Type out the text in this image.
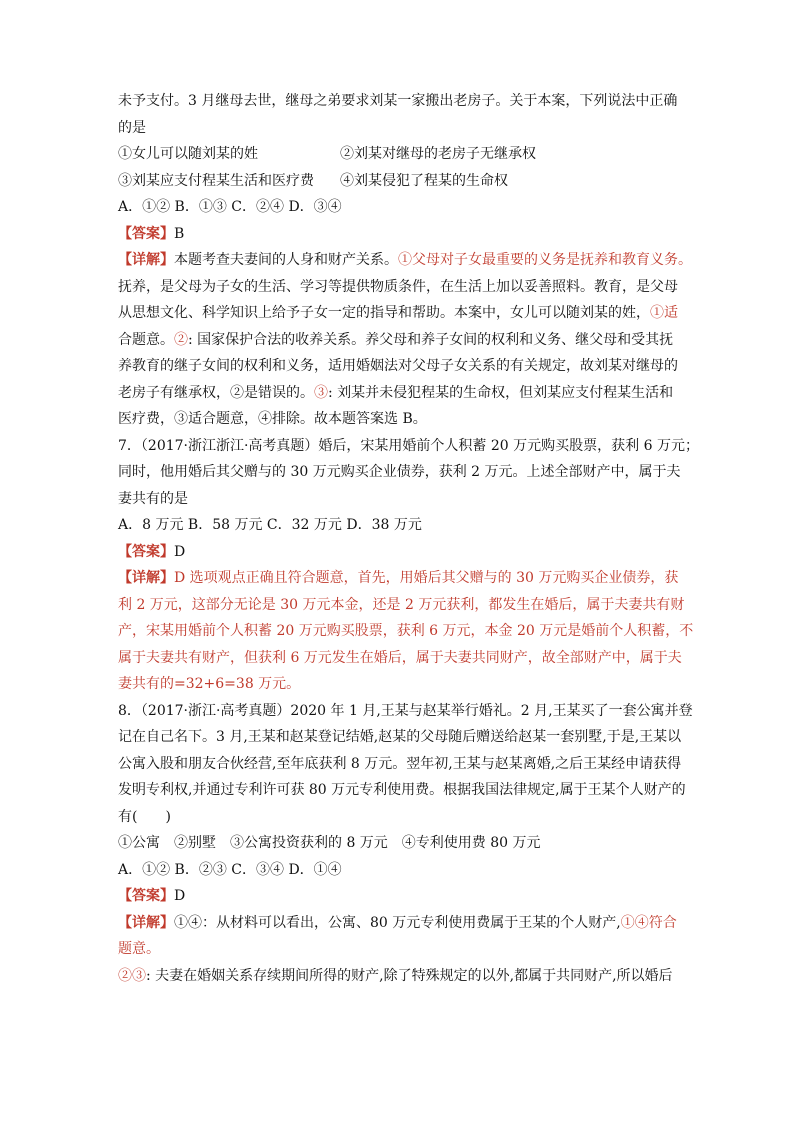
未予支付。3 月继母去世，继母之弟要求刘某一家搬出老房子。关于本案，下列说法中正确
的是
①女儿可以随刘某的姓	②刘某对继母的老房子无继承权
③刘某应支付程某生活和医疗费	④刘某侵犯了程某的生命权
A．①② B．①③ C．②④ D．③④
【答案】B
【详解】本题考查夫妻间的人身和财产关系。①父母对子女最重要的义务是抚养和教育义务。
抚养，是父母为子女的生活、学习等提供物质条件，在生活上加以妥善照料。教育，是父母
从思想文化、科学知识上给予子女一定的指导和帮助。本案中，女儿可以随刘某的姓，①适
合题意。②: 国家保护合法的收养关系。养父母和养子女间的权利和义务、继父母和受其抚
养教育的继子女间的权利和义务，适用婚姻法对父母子女关系的有关规定，故刘某对继母的
老房子有继承权，②是错误的。③: 刘某并未侵犯程某的生命权，但刘某应支付程某生活和
医疗费，③适合题意，④排除。故本题答案选 B。
7．（2017·浙江浙江·高考真题）婚后，宋某用婚前个人积蓄 20 万元购买股票，获利 6 万元；
同时，他用婚后其父赠与的 30 万元购买企业债券，获利 2 万元。上述全部财产中，属于夫
妻共有的是
A．8 万元 B．58 万元 C．32 万元 D．38 万元
【答案】D
【详解】D 选项观点正确且符合题意，首先，用婚后其父赠与的 30 万元购买企业债券，获
利 2 万元，这部分无论是 30 万元本金，还是 2 万元获利，都发生在婚后，属于夫妻共有财
产，宋某用婚前个人积蓄 20 万元购买股票，获利 6 万元，本金 20 万元是婚前个人积蓄，不
属于夫妻共有财产，但获利 6 万元发生在婚后，属于夫妻共同财产，故全部财产中，属于夫
妻共有的=32+6=38 万元。
8．（2017·浙江·高考真题）2020 年 1 月,王某与赵某举行婚礼。2 月,王某买了一套公寓并登
记在自己名下。3 月,王某和赵某登记结婚,赵某的父母随后赠送给赵某一套别墅,于是,王某以
公寓入股和朋友合伙经营,至年底获利 8 万元。翌年初,王某与赵某离婚,之后王某经申请获得
发明专利权,并通过专利许可获 80 万元专利使用费。根据我国法律规定,属于王某个人财产的
有(　　)
①公寓　②别墅　③公寓投资获利的 8 万元　④专利使用费 80 万元
A．①② B．②③ C．③④ D．①④
【答案】D
【详解】①④：从材料可以看出，公寓、80 万元专利使用费属于王某的个人财产,①④符合
题意。
②③: 夫妻在婚姻关系存续期间所得的财产,除了特殊规定的以外,都属于共同财产,所以婚后
